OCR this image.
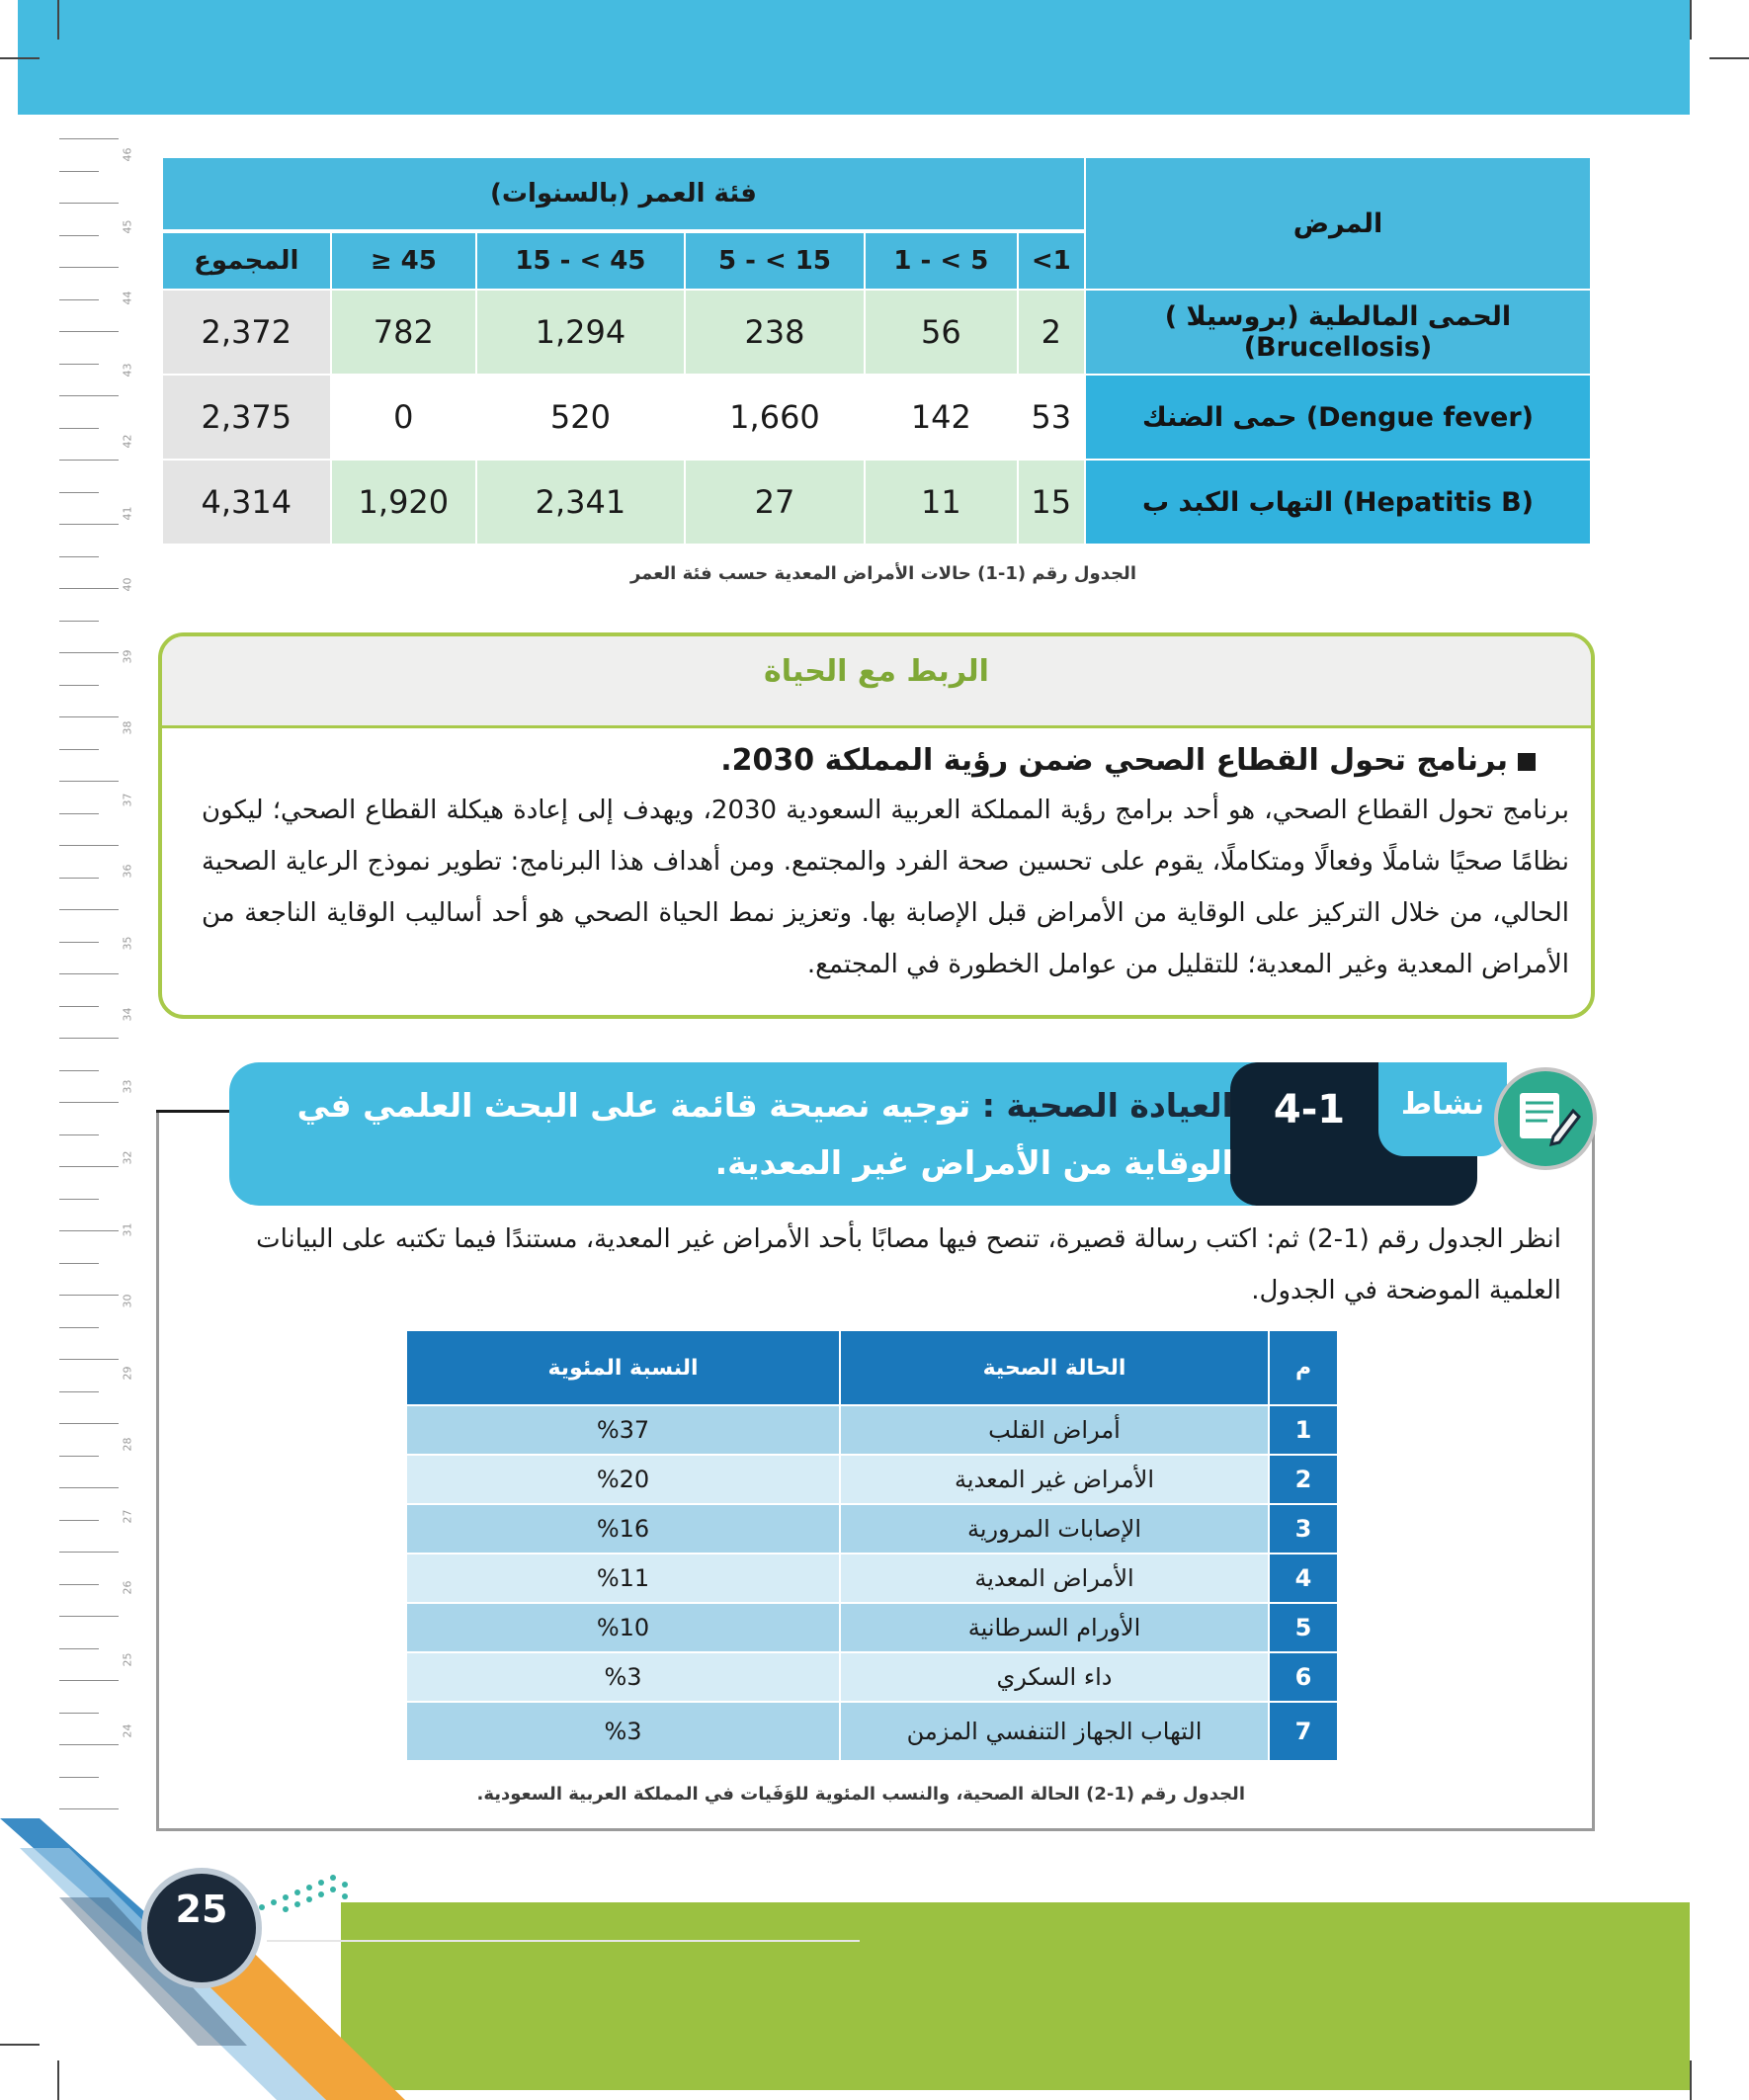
46
45
44
43
42
41
40
39
38
37
36
35
34
33
32
31
30
29
28
27
26
25
24
فئة العمر (بالسنوات)						المرض
المجموع	≥ 45	15 - < 45	5 - < 15	1 - < 5	<1	
2,372	782	1,294	238	56	2	الحمى المالطية (بروسيلا ) (Brucellosis)
2,375	0	520	1,660	142	53	حمى الضنك (Dengue fever)
4,314	1,920	2,341	27	11	15	التهاب الكبد ب (Hepatitis B)
الجدول رقم (1-1) حالات الأمراض المعدية حسب فئة العمر
الربط مع الحياة
برنامج تحول القطاع الصحي ضمن رؤية المملكة 2030.
برنامج تحول القطاع الصحي، هو أحد برامج رؤية المملكة العربية السعودية 2030، ويهدف إلى إعادة هيكلة القطاع الصحي؛ ليكون نظامًا صحيًا شاملًا وفعالًا ومتكاملًا، يقوم على تحسين صحة الفرد والمجتمع. ومن أهداف هذا البرنامج: تطوير نموذج الرعاية الصحية الحالي، من خلال التركيز على الوقاية من الأمراض قبل الإصابة بها. وتعزيز نمط الحياة الصحي هو أحد أساليب الوقاية الناجعة من الأمراض المعدية وغير المعدية؛ للتقليل من عوامل الخطورة في المجتمع.
4-1	نشاط
العيادة الصحية : توجيه نصيحة قائمة على البحث العلمي في الوقاية من الأمراض غير المعدية.
انظر الجدول رقم (1-2) ثم: اكتب رسالة قصيرة، تنصح فيها مصابًا بأحد الأمراض غير المعدية، مستندًا فيما تكتبه على البيانات العلمية الموضحة في الجدول.
م	الحالة الصحية	النسبة المئوية
1	أمراض القلب	%37
2	الأمراض غير المعدية	%20
3	الإصابات المرورية	%16
4	الأمراض المعدية	%11
5	الأورام السرطانية	%10
6	داء السكري	%3
7	التهاب الجهاز التنفسي المزمن	%3
الجدول رقم (1-2) الحالة الصحية، والنسب المئوية للوَفَيات في المملكة العربية السعودية.
25
